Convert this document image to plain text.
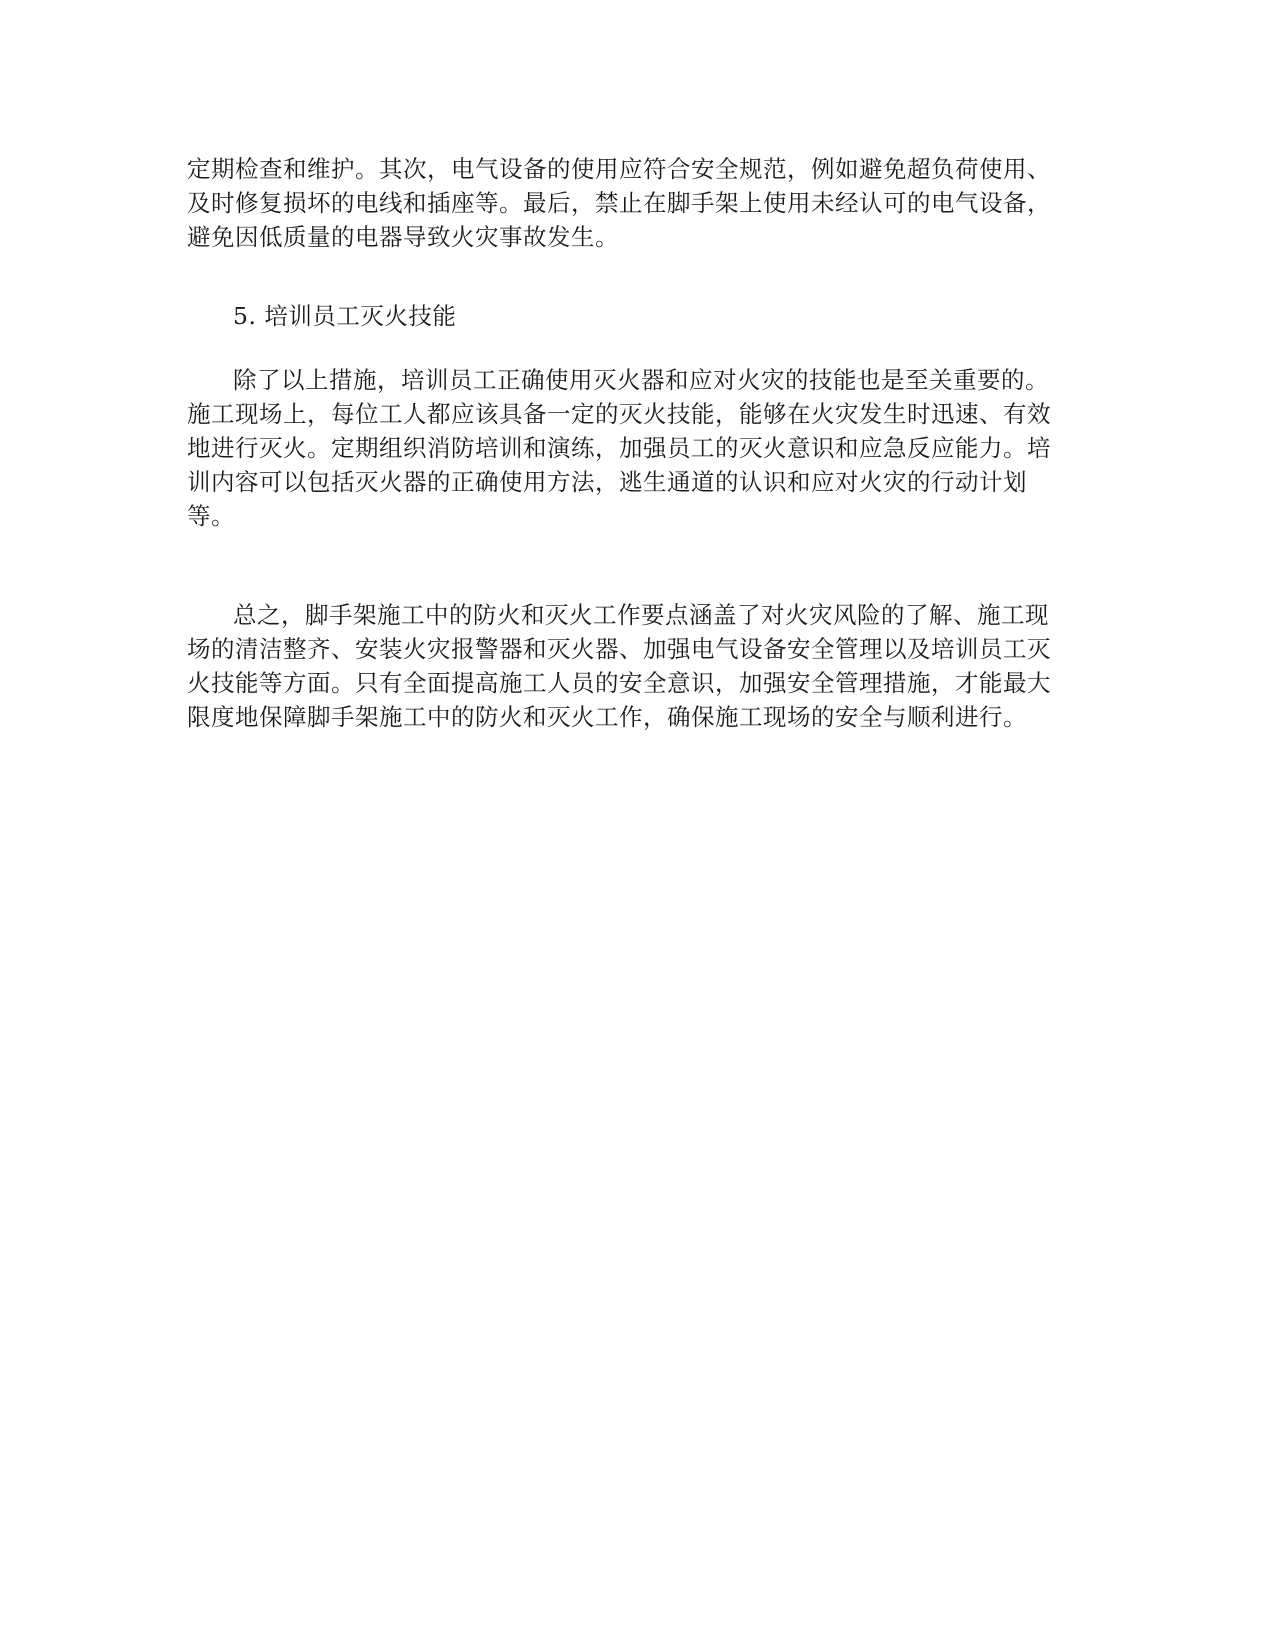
定期检查和维护。其次，电气设备的使用应符合安全规范，例如避免超负荷使用、
及时修复损坏的电线和插座等。最后，禁止在脚手架上使用未经认可的电气设备，
避免因低质量的电器导致火灾事故发生。
5. 培训员工灭火技能
除了以上措施，培训员工正确使用灭火器和应对火灾的技能也是至关重要的。
施工现场上，每位工人都应该具备一定的灭火技能，能够在火灾发生时迅速、有效
地进行灭火。定期组织消防培训和演练，加强员工的灭火意识和应急反应能力。培
训内容可以包括灭火器的正确使用方法，逃生通道的认识和应对火灾的行动计划
等。
总之，脚手架施工中的防火和灭火工作要点涵盖了对火灾风险的了解、施工现
场的清洁整齐、安装火灾报警器和灭火器、加强电气设备安全管理以及培训员工灭
火技能等方面。只有全面提高施工人员的安全意识，加强安全管理措施，才能最大
限度地保障脚手架施工中的防火和灭火工作，确保施工现场的安全与顺利进行。
